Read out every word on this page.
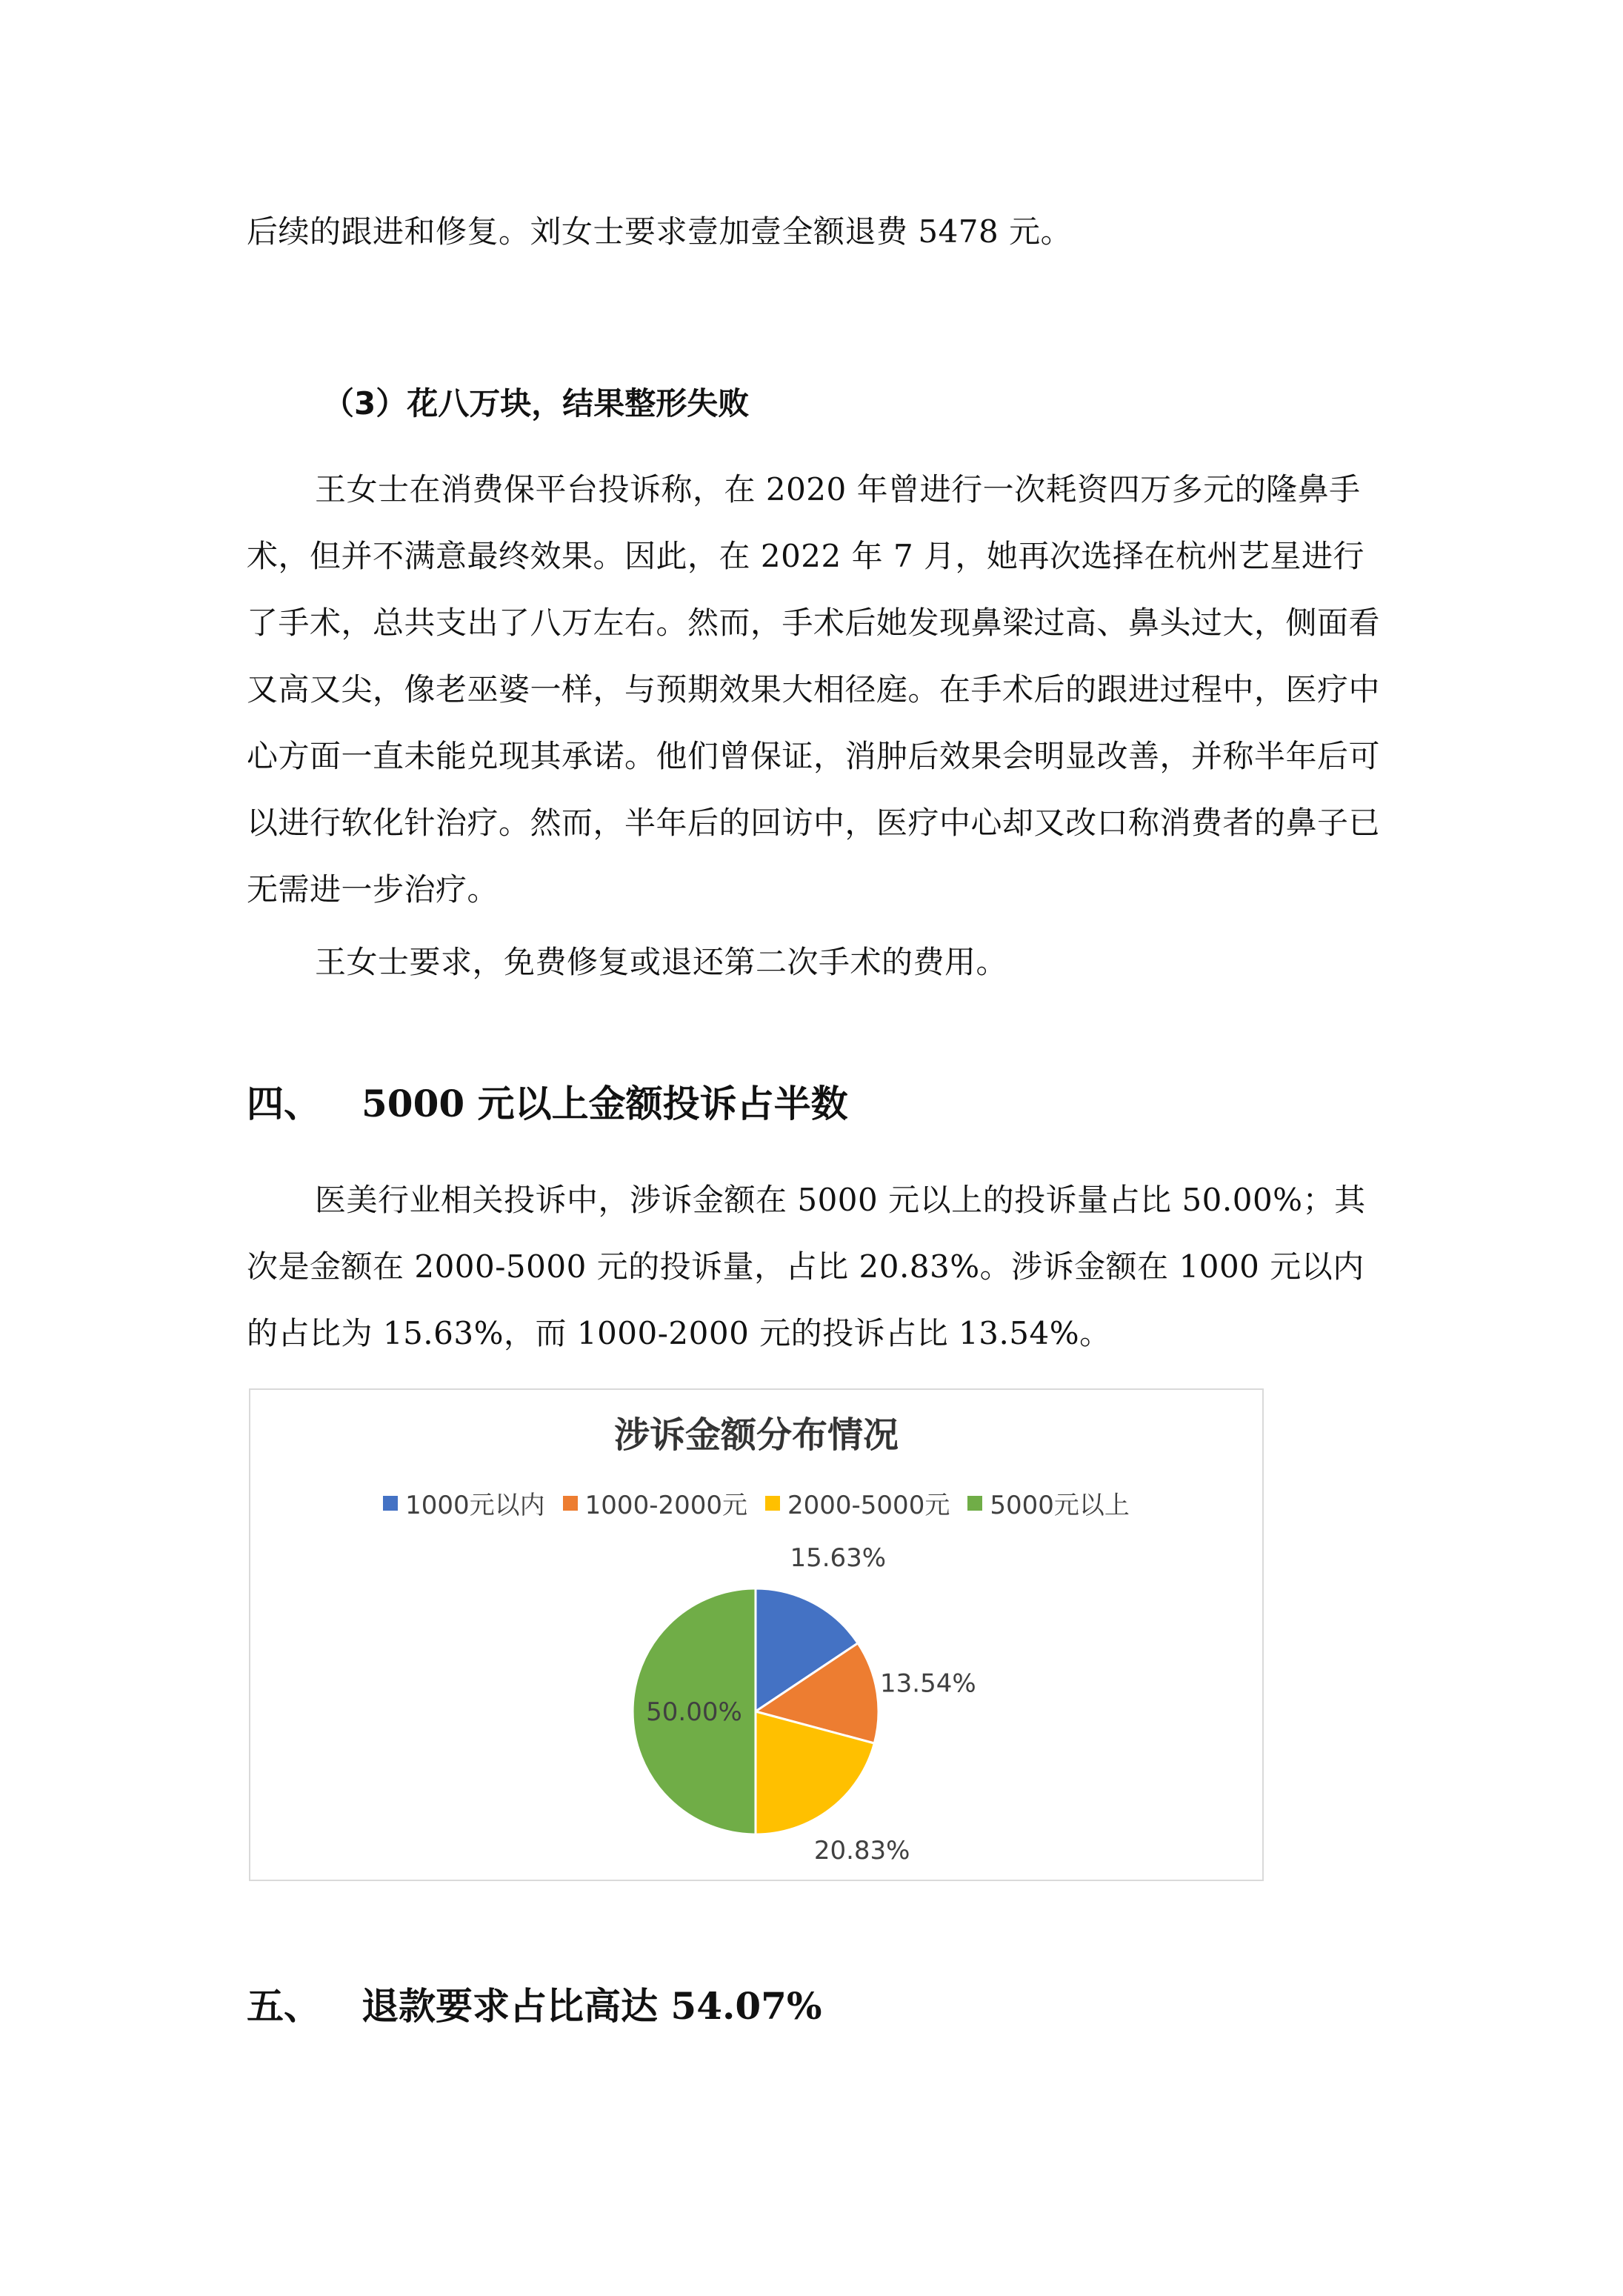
后续的跟进和修复。刘女士要求壹加壹全额退费 5478 元。

（3）花八万块，结果整形失败

王女士在消费保平台投诉称，在 2020 年曾进行一次耗资四万多元的隆鼻手术，但并不满意最终效果。因此，在 2022 年 7 月，她再次选择在杭州艺星进行了手术，总共支出了八万左右。然而，手术后她发现鼻梁过高、鼻头过大，侧面看又高又尖，像老巫婆一样，与预期效果大相径庭。在手术后的跟进过程中，医疗中心方面一直未能兑现其承诺。他们曾保证，消肿后效果会明显改善，并称半年后可以进行软化针治疗。然而，半年后的回访中，医疗中心却又改口称消费者的鼻子已无需进一步治疗。

王女士要求，免费修复或退还第二次手术的费用。

四、 5000 元以上金额投诉占半数

医美行业相关投诉中，涉诉金额在 5000 元以上的投诉量占比 50.00%；其次是金额在 2000-5000 元的投诉量，占比 20.83%。涉诉金额在 1000 元以内的占比为 15.63%，而 1000-2000 元的投诉占比 13.54%。

涉诉金额分布情况

1000元以内 1000-2000元 2000-5000元 5000元以上
15.63%
13.54%
20.83%
50.00%
五、 退款要求占比高达 54.07%
